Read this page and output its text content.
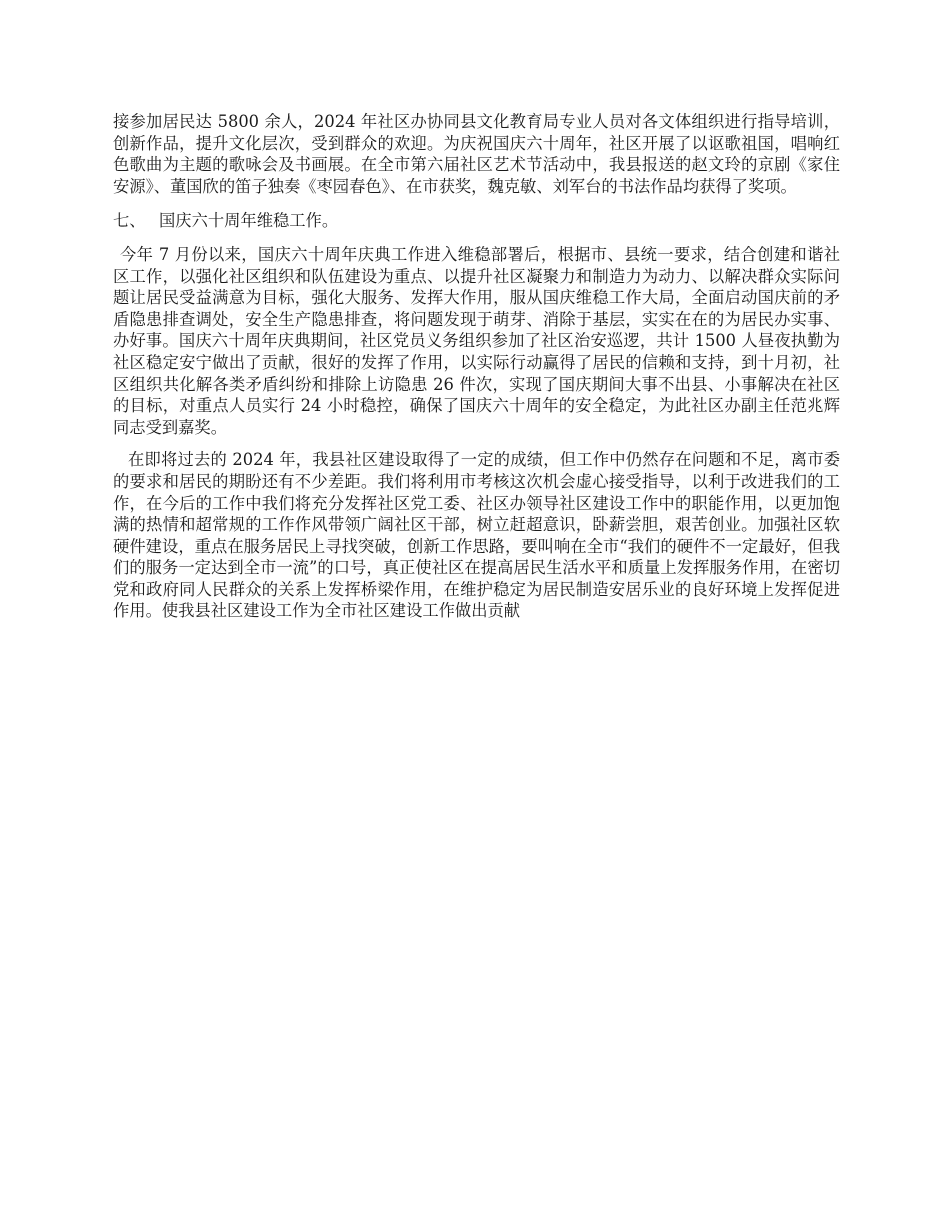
接参加居民达 5800 余人，2024 年社区办协同县文化教育局专业人员对各文体组织进行指导培训，创新作品，提升文化层次，受到群众的欢迎。为庆祝国庆六十周年，社区开展了以讴歌祖国，唱响红色歌曲为主题的歌咏会及书画展。在全市第六届社区艺术节活动中，我县报送的赵文玲的京剧《家住安源》、董国欣的笛子独奏《枣园春色》、在市获奖，魏克敏、刘军台的书法作品均获得了奖项。

七、 国庆六十周年维稳工作。

今年 7 月份以来，国庆六十周年庆典工作进入维稳部署后，根据市、县统一要求，结合创建和谐社区工作，以强化社区组织和队伍建设为重点、以提升社区凝聚力和制造力为动力、以解决群众实际问题让居民受益满意为目标，强化大服务、发挥大作用，服从国庆维稳工作大局，全面启动国庆前的矛盾隐患排查调处，安全生产隐患排查，将问题发现于萌芽、消除于基层，实实在在的为居民办实事、办好事。国庆六十周年庆典期间，社区党员义务组织参加了社区治安巡逻，共计 1500 人昼夜执勤为社区稳定安宁做出了贡献，很好的发挥了作用，以实际行动赢得了居民的信赖和支持，到十月初，社区组织共化解各类矛盾纠纷和排除上访隐患 26 件次，实现了国庆期间大事不出县、小事解决在社区的目标，对重点人员实行 24 小时稳控，确保了国庆六十周年的安全稳定，为此社区办副主任范兆辉同志受到嘉奖。

在即将过去的 2024 年，我县社区建设取得了一定的成绩，但工作中仍然存在问题和不足，离市委的要求和居民的期盼还有不少差距。我们将利用市考核这次机会虚心接受指导，以利于改进我们的工作，在今后的工作中我们将充分发挥社区党工委、社区办领导社区建设工作中的职能作用，以更加饱满的热情和超常规的工作作风带领广阔社区干部，树立赶超意识，卧薪尝胆，艰苦创业。加强社区软硬件建设，重点在服务居民上寻找突破，创新工作思路，要叫响在全市“我们的硬件不一定最好，但我们的服务一定达到全市一流”的口号，真正使社区在提高居民生活水平和质量上发挥服务作用，在密切党和政府同人民群众的关系上发挥桥梁作用，在维护稳定为居民制造安居乐业的良好环境上发挥促进作用。使我县社区建设工作为全市社区建设工作做出贡献
